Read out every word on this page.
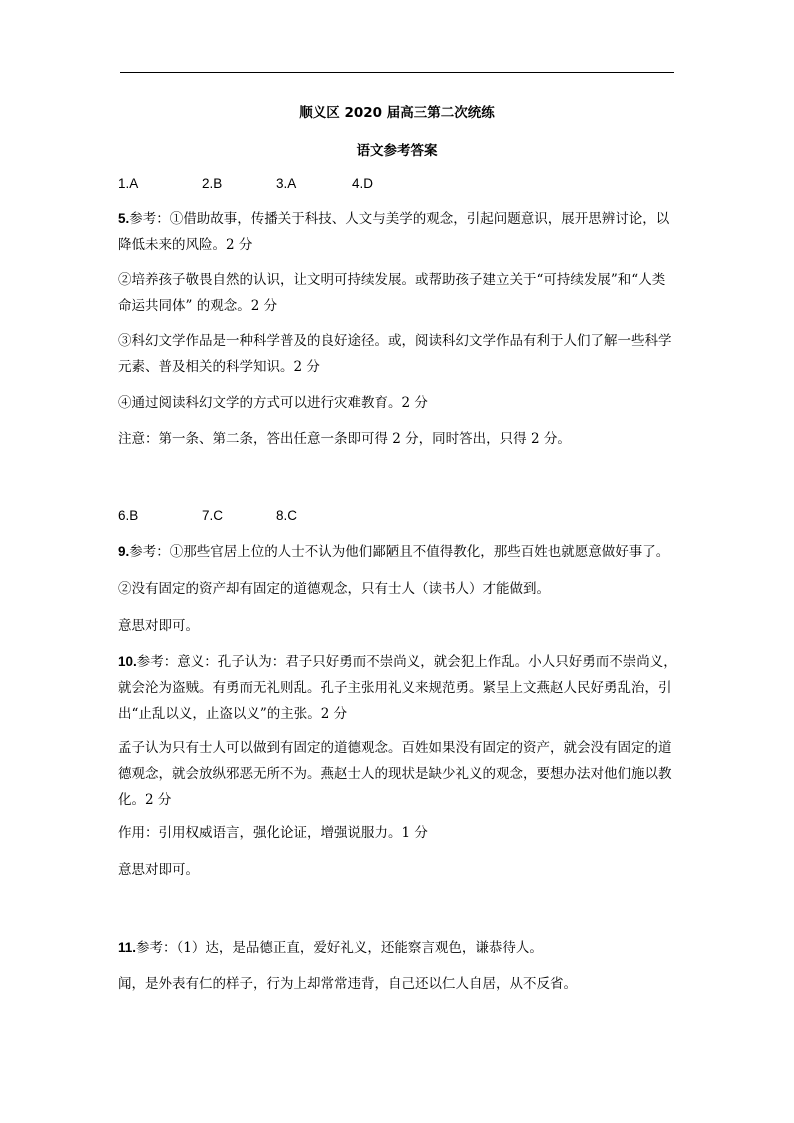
顺义区 2020 届高三第二次统练
语文参考答案
1.A	2.B	3.A	4.D
5.参考：①借助故事，传播关于科技、人文与美学的观念，引起问题意识，展开思辨讨论，以降低未来的风险。2 分
②培养孩子敬畏自然的认识，让文明可持续发展。或帮助孩子建立关于“可持续发展”和“人类命运共同体” 的观念。2 分
③科幻文学作品是一种科学普及的良好途径。或，阅读科幻文学作品有利于人们了解一些科学元素、普及相关的科学知识。2 分
④通过阅读科幻文学的方式可以进行灾难教育。2 分
注意：第一条、第二条，答出任意一条即可得 2 分，同时答出，只得 2 分。
6.B	7.C	8.C
9.参考：①那些官居上位的人士不认为他们鄙陋且不值得教化，那些百姓也就愿意做好事了。
②没有固定的资产却有固定的道德观念，只有士人（读书人）才能做到。
意思对即可。
10.参考：意义：孔子认为：君子只好勇而不崇尚义，就会犯上作乱。小人只好勇而不崇尚义，就会沦为盗贼。有勇而无礼则乱。孔子主张用礼义来规范勇。紧呈上文燕赵人民好勇乱治，引出“止乱以义，止盗以义”的主张。2 分
孟子认为只有士人可以做到有固定的道德观念。百姓如果没有固定的资产，就会没有固定的道德观念，就会放纵邪恶无所不为。燕赵士人的现状是缺少礼义的观念，要想办法对他们施以教化。2 分
作用：引用权威语言，强化论证，增强说服力。1 分
意思对即可。
11.参考：（1）达，是品德正直，爱好礼义，还能察言观色，谦恭待人。
闻，是外表有仁的样子，行为上却常常违背，自己还以仁人自居，从不反省。
